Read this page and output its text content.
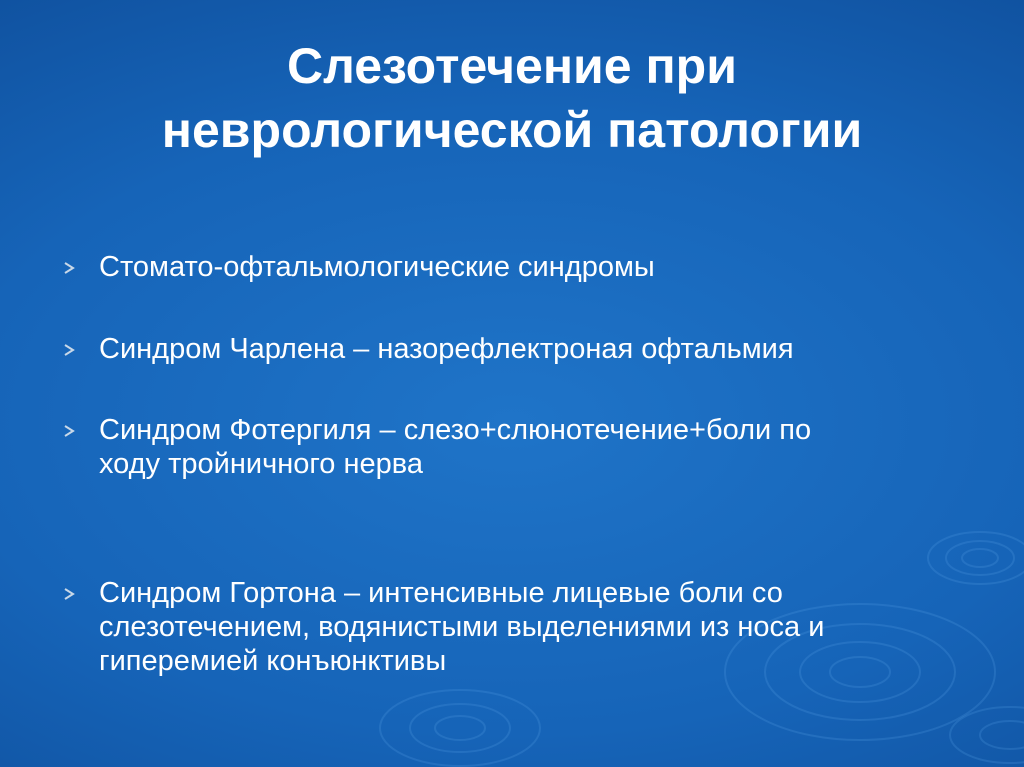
Слезотечение при
неврологической патологии
Стомато-офтальмологические синдромы
Синдром Чарлена – назорефлектроная офтальмия
Синдром Фотергиля – слезо+слюнотечение+боли по
ходу тройничного нерва
Синдром Гортона – интенсивные лицевые боли со
слезотечением, водянистыми выделениями из носа и
гиперемией конъюнктивы
